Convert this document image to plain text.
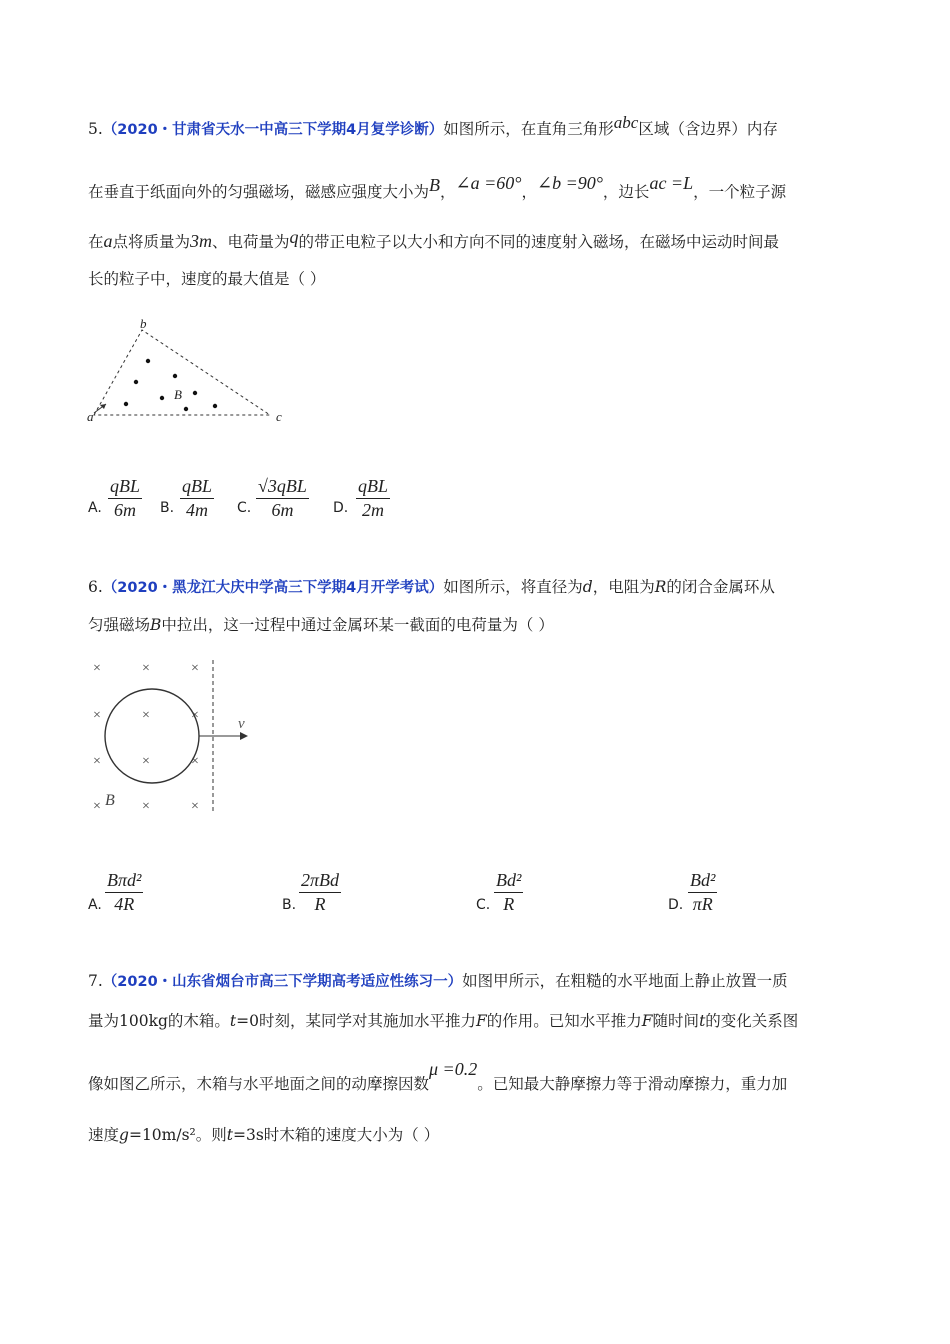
5.（2020・甘肃省天水一中高三下学期4月复学诊断）如图所示，在直角三角形abc区域（含边界）内存
在垂直于纸面向外的匀强磁场，磁感应强度大小为B，∠a =60°，∠b =90°，边长ac =L，一个粒子源
在a点将质量为3m、电荷量为q的带正电粒子以大小和方向不同的速度射入磁场，在磁场中运动时间最
长的粒子中，速度的最大值是（ ）
b
a	c
B
A.
qBL
6m	B.
qBL
4m	C.
√3qBL
6m	D.
qBL
2m
6.（2020・黑龙江大庆中学高三下学期4月开学考试）如图所示，将直径为d，电阻为R的闭合金属环从
匀强磁场B中拉出，这一过程中通过金属环某一截面的电荷量为（ ）
×	×	×
×	×	×
×	×	×
×	×	×
v
B
A.
Bπd²
4R	B.
2πBd
R	C. $\frac{\text{Bd²}}{R}$	D. $\frac{\text{Bd²}}{\pi R}$
7.（2020・山东省烟台市高三下学期高考适应性练习一）如图甲所示，在粗糙的水平地面上静止放置一质
量为100kg的木箱。t=0时刻，某同学对其施加水平推力F的作用。已知水平推力F随时间t的变化关系图
像如图乙所示，木箱与水平地面之间的动摩擦因数μ =0.2。已知最大静摩擦力等于滑动摩擦力，重力加
速度g=10m/s²。则t=3s时木箱的速度大小为（ ）
